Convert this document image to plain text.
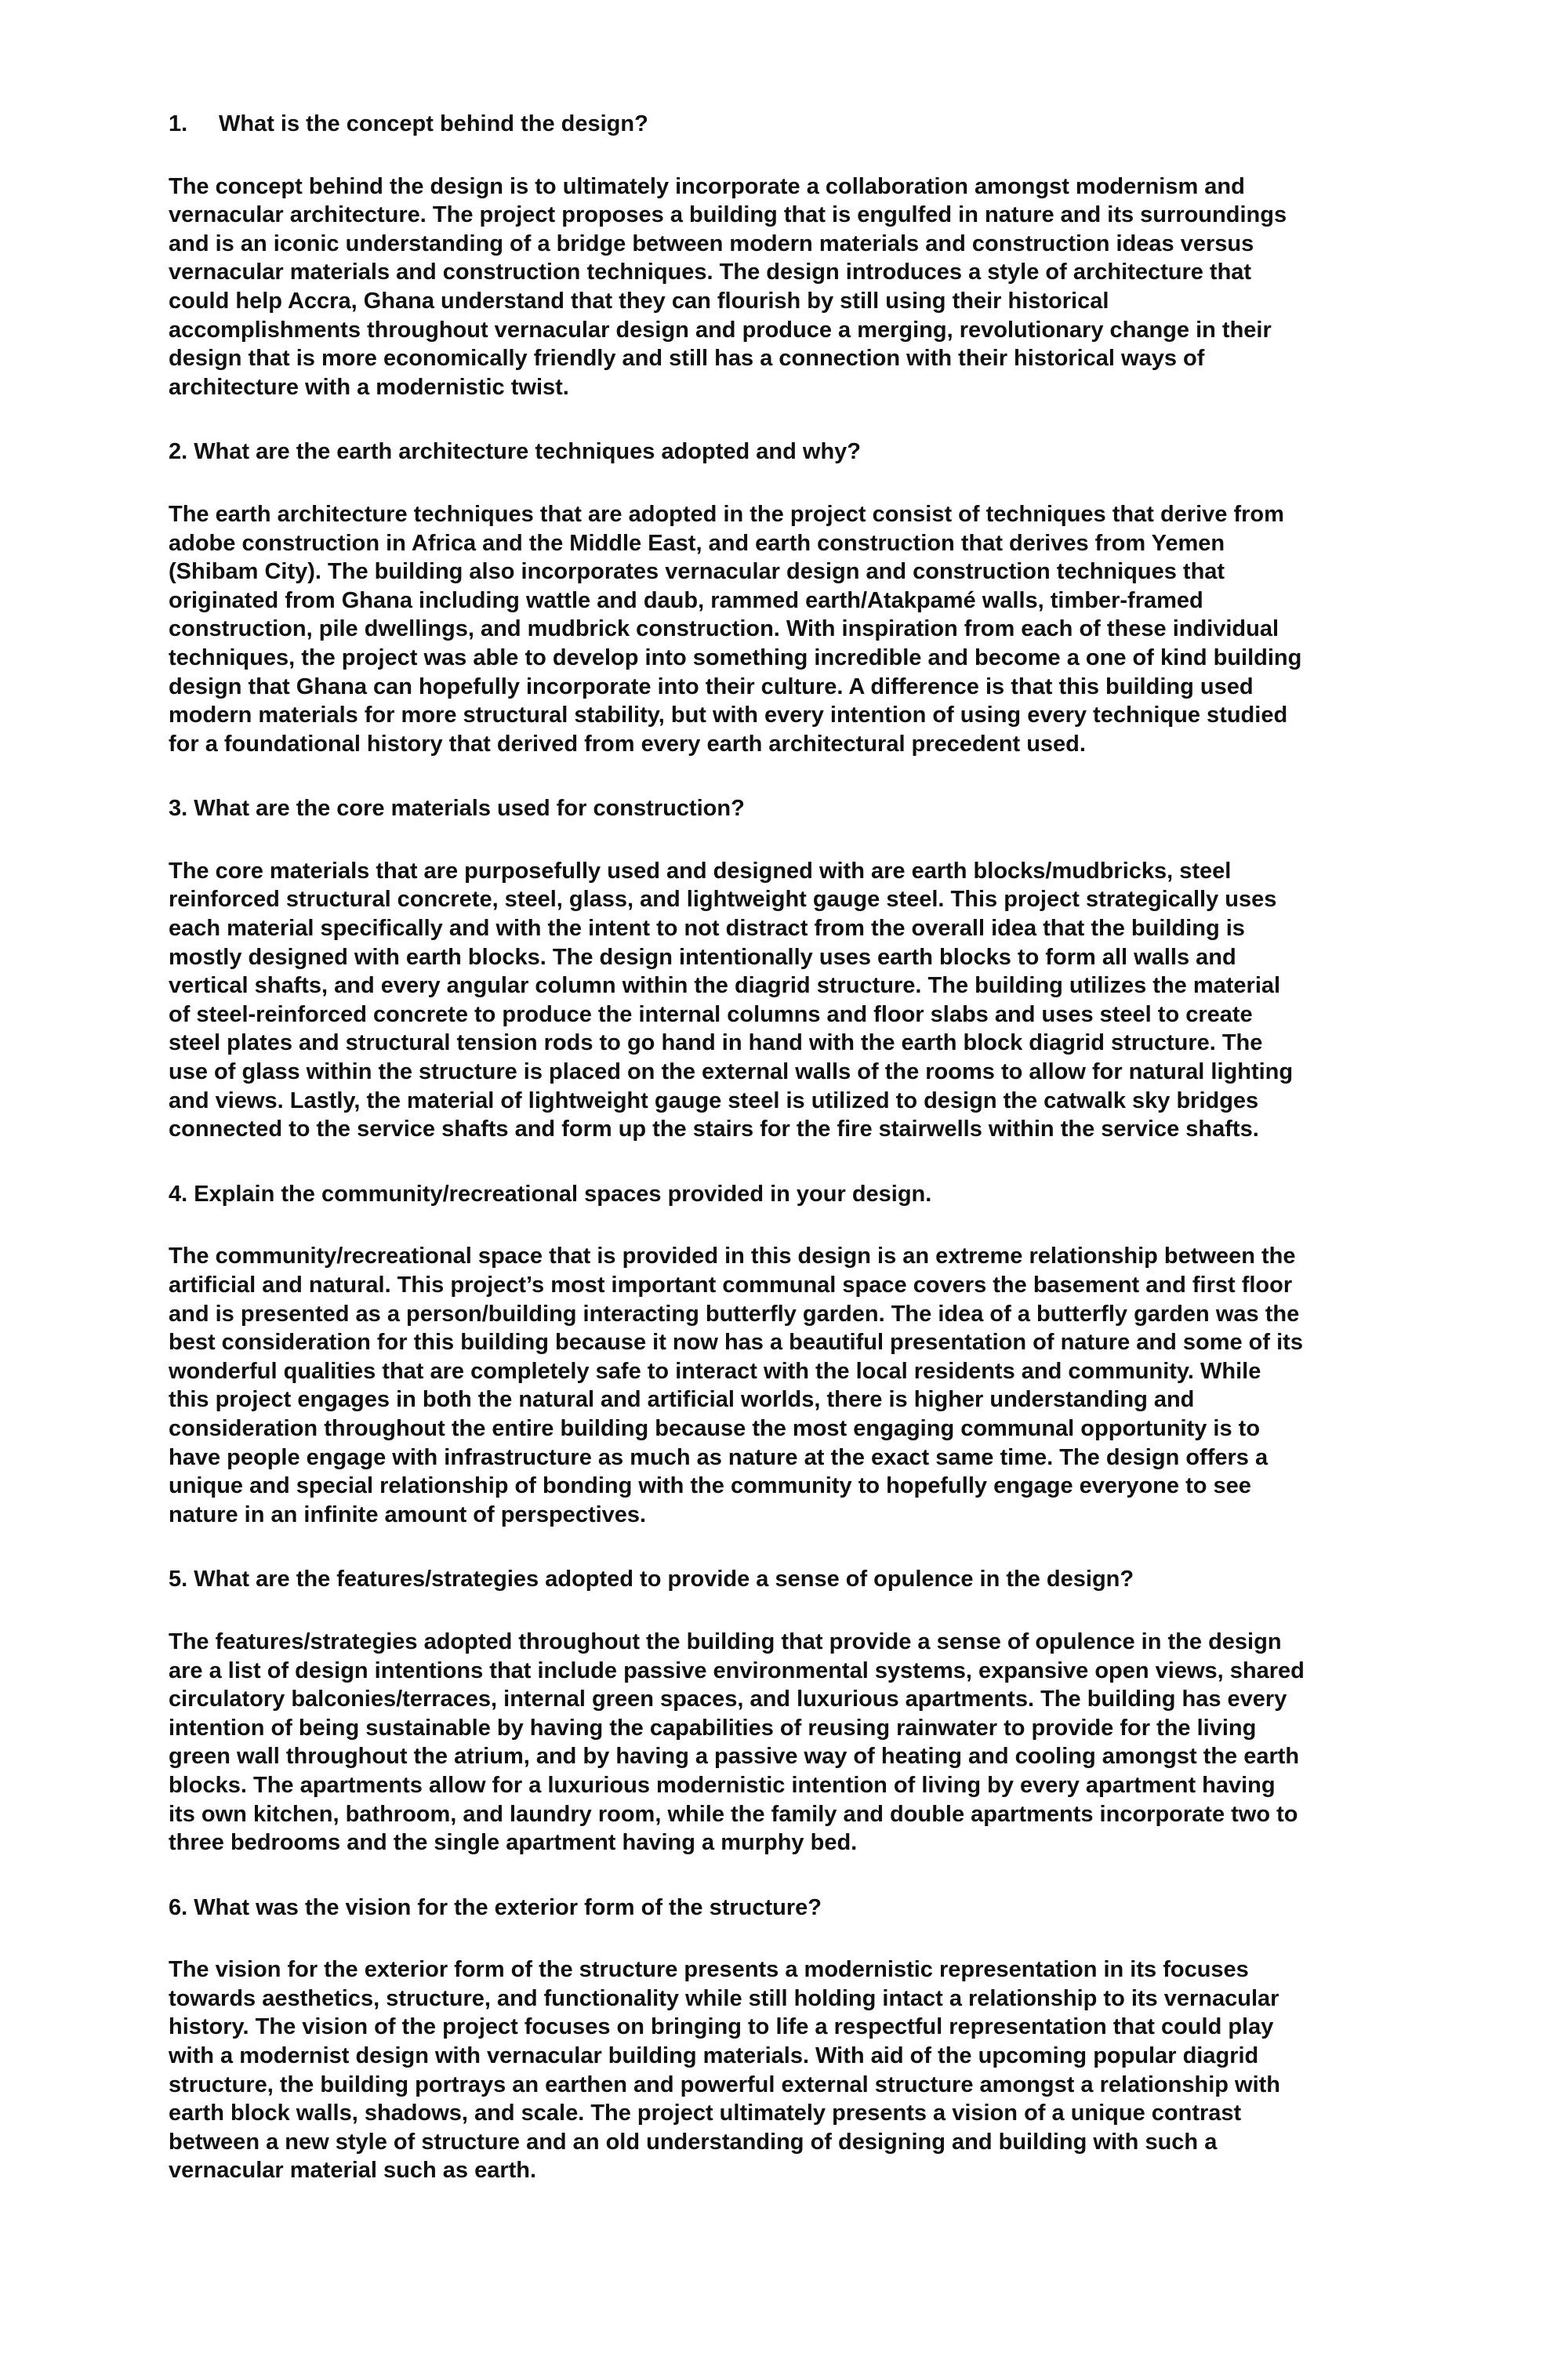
1. What is the concept behind the design?

The concept behind the design is to ultimately incorporate a collaboration amongst modernism and
vernacular architecture. The project proposes a building that is engulfed in nature and its surroundings
and is an iconic understanding of a bridge between modern materials and construction ideas versus
vernacular materials and construction techniques. The design introduces a style of architecture that
could help Accra, Ghana understand that they can flourish by still using their historical
accomplishments throughout vernacular design and produce a merging, revolutionary change in their
design that is more economically friendly and still has a connection with their historical ways of
architecture with a modernistic twist.

2. What are the earth architecture techniques adopted and why?

The earth architecture techniques that are adopted in the project consist of techniques that derive from
adobe construction in Africa and the Middle East, and earth construction that derives from Yemen
(Shibam City). The building also incorporates vernacular design and construction techniques that
originated from Ghana including wattle and daub, rammed earth/Atakpamé walls, timber-framed
construction, pile dwellings, and mudbrick construction. With inspiration from each of these individual
techniques, the project was able to develop into something incredible and become a one of kind building
design that Ghana can hopefully incorporate into their culture. A difference is that this building used
modern materials for more structural stability, but with every intention of using every technique studied
for a foundational history that derived from every earth architectural precedent used.

3. What are the core materials used for construction?

The core materials that are purposefully used and designed with are earth blocks/mudbricks, steel
reinforced structural concrete, steel, glass, and lightweight gauge steel. This project strategically uses
each material specifically and with the intent to not distract from the overall idea that the building is
mostly designed with earth blocks. The design intentionally uses earth blocks to form all walls and
vertical shafts, and every angular column within the diagrid structure. The building utilizes the material
of steel-reinforced concrete to produce the internal columns and floor slabs and uses steel to create
steel plates and structural tension rods to go hand in hand with the earth block diagrid structure. The
use of glass within the structure is placed on the external walls of the rooms to allow for natural lighting
and views. Lastly, the material of lightweight gauge steel is utilized to design the catwalk sky bridges
connected to the service shafts and form up the stairs for the fire stairwells within the service shafts.

4. Explain the community/recreational spaces provided in your design.

The community/recreational space that is provided in this design is an extreme relationship between the
artificial and natural. This project’s most important communal space covers the basement and first floor
and is presented as a person/building interacting butterfly garden. The idea of a butterfly garden was the
best consideration for this building because it now has a beautiful presentation of nature and some of its
wonderful qualities that are completely safe to interact with the local residents and community. While
this project engages in both the natural and artificial worlds, there is higher understanding and
consideration throughout the entire building because the most engaging communal opportunity is to
have people engage with infrastructure as much as nature at the exact same time. The design offers a
unique and special relationship of bonding with the community to hopefully engage everyone to see
nature in an infinite amount of perspectives.

5. What are the features/strategies adopted to provide a sense of opulence in the design?

The features/strategies adopted throughout the building that provide a sense of opulence in the design
are a list of design intentions that include passive environmental systems, expansive open views, shared
circulatory balconies/terraces, internal green spaces, and luxurious apartments. The building has every
intention of being sustainable by having the capabilities of reusing rainwater to provide for the living
green wall throughout the atrium, and by having a passive way of heating and cooling amongst the earth
blocks. The apartments allow for a luxurious modernistic intention of living by every apartment having
its own kitchen, bathroom, and laundry room, while the family and double apartments incorporate two to
three bedrooms and the single apartment having a murphy bed.

6. What was the vision for the exterior form of the structure?

The vision for the exterior form of the structure presents a modernistic representation in its focuses
towards aesthetics, structure, and functionality while still holding intact a relationship to its vernacular
history. The vision of the project focuses on bringing to life a respectful representation that could play
with a modernist design with vernacular building materials. With aid of the upcoming popular diagrid
structure, the building portrays an earthen and powerful external structure amongst a relationship with
earth block walls, shadows, and scale. The project ultimately presents a vision of a unique contrast
between a new style of structure and an old understanding of designing and building with such a
vernacular material such as earth.
